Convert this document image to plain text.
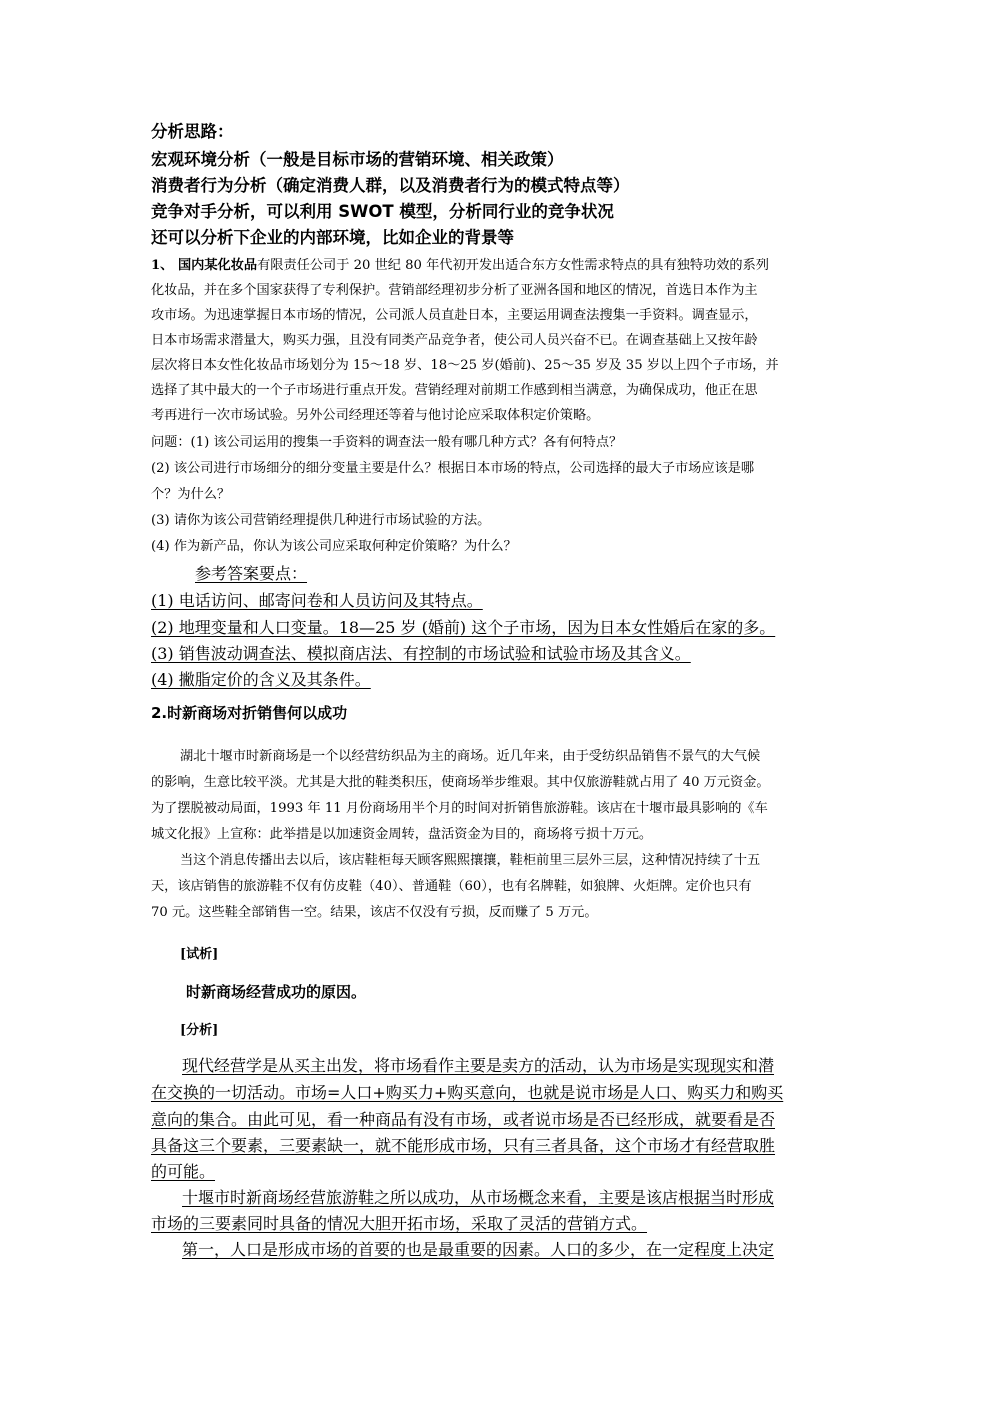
分析思路：
宏观环境分析（一般是目标市场的营销环境、相关政策）
消费者行为分析（确定消费人群，以及消费者行为的模式特点等）
竞争对手分析，可以利用 SWOT 模型，分析同行业的竞争状况
还可以分析下企业的内部环境，比如企业的背景等
1、 国内某化妆品有限责任公司于 20 世纪 80 年代初开发出适合东方女性需求特点的具有独特功效的系列
化妆品，并在多个国家获得了专利保护。营销部经理初步分析了亚洲各国和地区的情况，首选日本作为主
攻市场。为迅速掌握日本市场的情况，公司派人员直赴日本，主要运用调查法搜集一手资料。调查显示，
日本市场需求潜量大，购买力强，且没有同类产品竞争者，使公司人员兴奋不已。在调查基础上又按年龄
层次将日本女性化妆品市场划分为 15～18 岁、18～25 岁(婚前)、25～35 岁及 35 岁以上四个子市场，并
选择了其中最大的一个子市场进行重点开发。营销经理对前期工作感到相当满意，为确保成功，他正在思
考再进行一次市场试验。另外公司经理还等着与他讨论应采取体积定价策略。
问题：(1) 该公司运用的搜集一手资料的调查法一般有哪几种方式？各有何特点？
(2) 该公司进行市场细分的细分变量主要是什么？根据日本市场的特点，公司选择的最大子市场应该是哪
个？为什么？
(3) 请你为该公司营销经理提供几种进行市场试验的方法。
(4) 作为新产品，你认为该公司应采取何种定价策略？为什么？
参考答案要点：
(1) 电话访问、邮寄问卷和人员访问及其特点。
(2) 地理变量和人口变量。18—25 岁 (婚前) 这个子市场，因为日本女性婚后在家的多。
(3) 销售波动调查法、模拟商店法、有控制的市场试验和试验市场及其含义。
(4) 撇脂定价的含义及其条件。
2.时新商场对折销售何以成功
湖北十堰市时新商场是一个以经营纺织品为主的商场。近几年来，由于受纺织品销售不景气的大气候
的影响，生意比较平淡。尤其是大批的鞋类积压，使商场举步维艰。其中仅旅游鞋就占用了 40 万元资金。
为了摆脱被动局面，1993 年 11 月份商场用半个月的时间对折销售旅游鞋。该店在十堰市最具影响的《车
城文化报》上宣称：此举措是以加速资金周转，盘活资金为目的，商场将亏损十万元。
当这个消息传播出去以后，该店鞋柜每天顾客熙熙攘攘，鞋柜前里三层外三层，这种情况持续了十五
天，该店销售的旅游鞋不仅有仿皮鞋（40）、普通鞋（60），也有名牌鞋，如狼牌、火炬牌。定价也只有
70 元。这些鞋全部销售一空。结果，该店不仅没有亏损，反而赚了 5 万元。
[试析]
时新商场经营成功的原因。
[分析]
现代经营学是从买主出发，将市场看作主要是卖方的活动，认为市场是实现现实和潜
在交换的一切活动。市场=人口+购买力+购买意向，也就是说市场是人口、购买力和购买
意向的集合。由此可见，看一种商品有没有市场，或者说市场是否已经形成，就要看是否
具备这三个要素，三要素缺一，就不能形成市场，只有三者具备，这个市场才有经营取胜
的可能。
十堰市时新商场经营旅游鞋之所以成功，从市场概念来看，主要是该店根据当时形成
市场的三要素同时具备的情况大胆开拓市场，采取了灵活的营销方式。
第一，人口是形成市场的首要的也是最重要的因素。人口的多少，在一定程度上决定
